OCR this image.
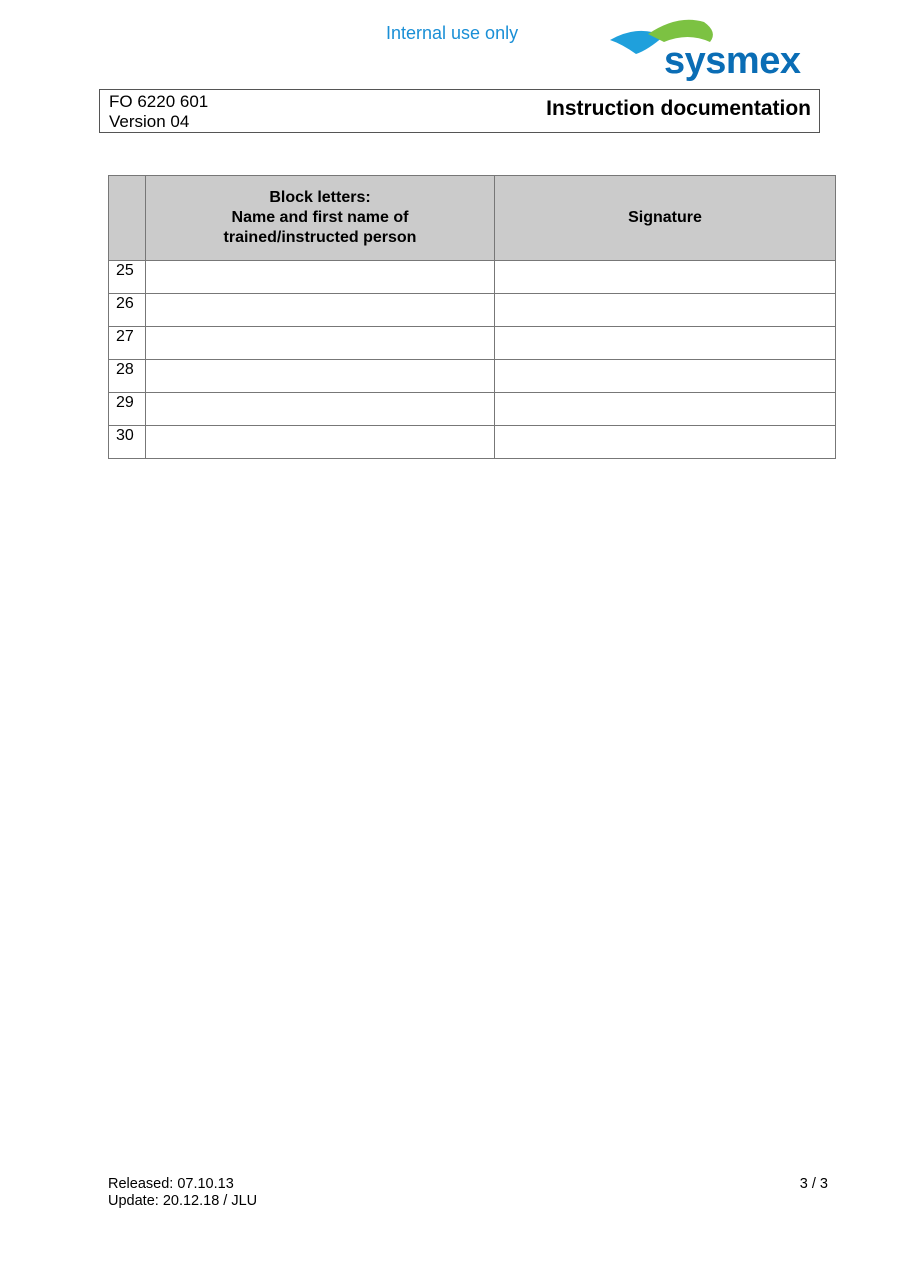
Internal use only
sysmex
FO 6220 601
Version 04
Instruction documentation

	Block letters:
Name and first name of
trained/instructed person	Signature
25		
26		
27		
28		
29		
30		
Released: 07.10.13
Update: 20.12.18 / JLU
3 / 3
